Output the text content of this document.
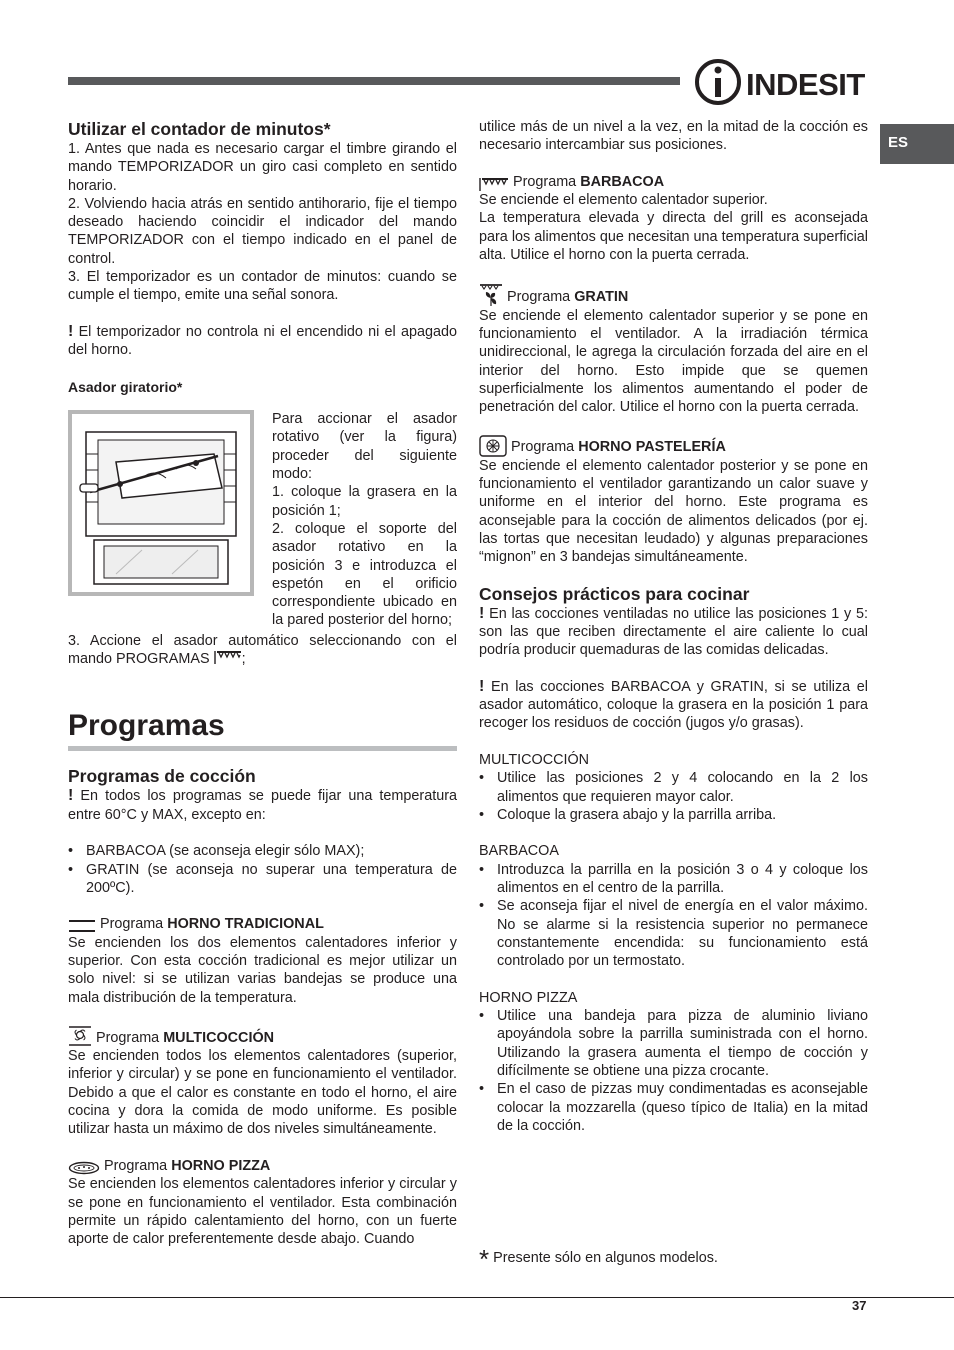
INDESIT
ES
Utilizar el contador de minutos*

1. Antes que nada es necesario cargar el timbre girando el mando TEMPORIZADOR un giro casi completo en sentido horario.

2. Volviendo hacia atrás en sentido antihorario, fije el tiempo deseado haciendo coincidir el indicador del mando TEMPORIZADOR con el tiempo indicado en el panel de control.

3. El temporizador es un contador de minutos: cuando se cumple el tiempo, emite una señal sonora.

! El temporizador no controla ni el encendido ni el apagado del horno.

Asador giratorio*

Para accionar el asador rotativo (ver la figura) proceder del siguiente modo:

1. coloque la grasera en la posición 1;

2. coloque el soporte del asador rotativo en la posición 3 e introduzca el espetón en el orificio correspondiente ubicado en la pared posterior del horno;

3. Accione el asador automático seleccionando con el mando PROGRAMAS ;

Programas
Programas de cocción

! En todos los programas se puede fijar una temperatura entre 60°C y MAX, excepto en:

• BARBACOA (se aconseja elegir sólo MAX);
• GRATIN (se aconseja no superar una temperatura de 200ºC).
Programa HORNO TRADICIONAL

Se encienden los dos elementos calentadores inferior y superior. Con esta cocción tradicional es mejor utilizar un solo nivel: si se utilizan varias bandejas se produce una mala distribución de la temperatura.

Programa MULTICOCCIÓN

Se encienden todos los elementos calentadores (superior, inferior y circular) y se pone en funcionamiento el ventilador. Debido a que el calor es constante en todo el horno, el aire cocina y dora la comida de modo uniforme. Es posible utilizar hasta un máximo de dos niveles simultáneamente.

Programa HORNO PIZZA

Se encienden los elementos calentadores inferior y circular y se pone en funcionamiento el ventilador. Esta combinación permite un rápido calentamiento del horno, con un fuerte aporte de calor preferentemente desde abajo. Cuando

utilice más de un nivel a la vez, en la mitad de la cocción es necesario intercambiar sus posiciones.

Programa BARBACOA

Se enciende el elemento calentador superior.

La temperatura elevada y directa del grill es aconsejada para los alimentos que necesitan una temperatura superficial alta. Utilice el horno con la puerta cerrada.

Programa GRATIN

Se enciende el elemento calentador superior y se pone en funcionamiento el ventilador. A la irradiación térmica unidireccional, le agrega la circulación forzada del aire en el interior del horno. Esto impide que se quemen superficialmente los alimentos aumentando el poder de penetración del calor. Utilice el horno con la puerta cerrada.

Programa HORNO PASTELERÍA

Se enciende el elemento calentador posterior y se pone en funcionamiento el ventilador garantizando un calor suave y uniforme en el interior del horno. Este programa es aconsejable para la cocción de alimentos delicados (por ej. las tortas que necesitan leudado) y algunas preparaciones “mignon” en 3 bandejas simultáneamente.

Consejos prácticos para cocinar

! En las cocciones ventiladas no utilice las posiciones 1 y 5: son las que reciben directamente el aire caliente lo cual podría producir quemaduras de las comidas delicadas.

! En las cocciones BARBACOA y GRATIN, si se utiliza el asador automático, coloque la grasera en la posición 1 para recoger los residuos de cocción (jugos y/o grasas).

MULTICOCCIÓN

• Utilice las posiciones 2 y 4 colocando en la 2 los alimentos que requieren mayor calor.
• Coloque la grasera abajo y la parrilla arriba.

BARBACOA

• Introduzca la parrilla en la posición 3 o 4 y coloque los alimentos en el centro de la parrilla.
• Se aconseja fijar el nivel de energía en el valor máximo. No se alarme si la resistencia superior no permanece constantemente encendida: su funcionamiento está controlado por un termostato.

HORNO PIZZA

• Utilice una bandeja para pizza de aluminio liviano apoyándola sobre la parrilla suministrada con el horno. Utilizando la grasera aumenta el tiempo de cocción y difícilmente se obtiene una pizza crocante.
• En el caso de pizzas muy condimentadas es aconsejable colocar la mozzarella (queso típico de Italia) en la mitad de la cocción.
* Presente sólo en algunos modelos.
37
